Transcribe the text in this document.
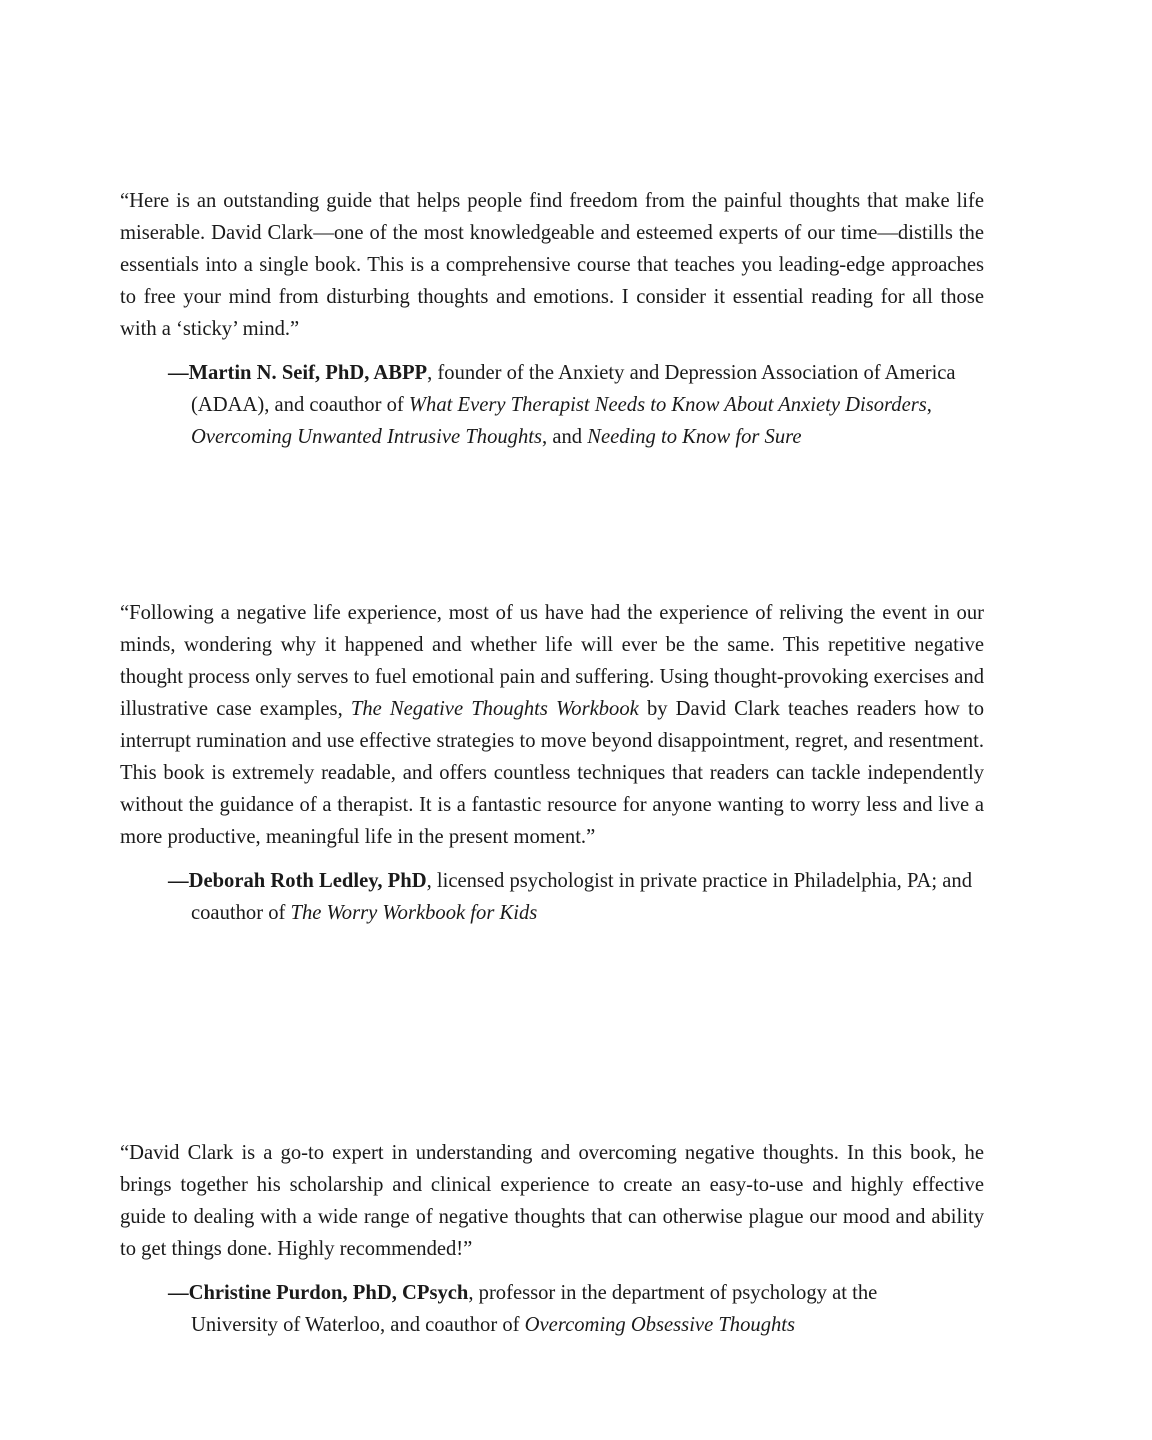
“Here is an outstanding guide that helps people find freedom from the painful thoughts that make life miserable. David Clark—one of the most knowledgeable and esteemed experts of our time—distills the essentials into a single book. This is a comprehensive course that teaches you leading-edge approaches to free your mind from disturbing thoughts and emotions. I consider it essential reading for all those with a ‘sticky’ mind.”

—Martin N. Seif, PhD, ABPP, founder of the Anxiety and Depression Association of America (ADAA), and coauthor of What Every Therapist Needs to Know About Anxiety Disorders, Overcoming Unwanted Intrusive Thoughts, and Needing to Know for Sure

“Following a negative life experience, most of us have had the experience of reliving the event in our minds, wondering why it happened and whether life will ever be the same. This repetitive negative thought process only serves to fuel emotional pain and suffering. Using thought-provoking exercises and illustrative case examples, The Negative Thoughts Workbook by David Clark teaches readers how to interrupt rumination and use effective strategies to move beyond disappointment, regret, and resentment. This book is extremely readable, and offers countless techniques that readers can tackle independently without the guidance of a therapist. It is a fantastic resource for anyone wanting to worry less and live a more productive, meaningful life in the present moment.”

—Deborah Roth Ledley, PhD, licensed psychologist in private practice in Philadelphia, PA; and coauthor of The Worry Workbook for Kids

“David Clark is a go-to expert in understanding and overcoming negative thoughts. In this book, he brings together his scholarship and clinical experience to create an easy-to-use and highly effective guide to dealing with a wide range of negative thoughts that can otherwise plague our mood and ability to get things done. Highly recommended!”

—Christine Purdon, PhD, CPsych, professor in the department of psychology at the University of Waterloo, and coauthor of Overcoming Obsessive Thoughts
